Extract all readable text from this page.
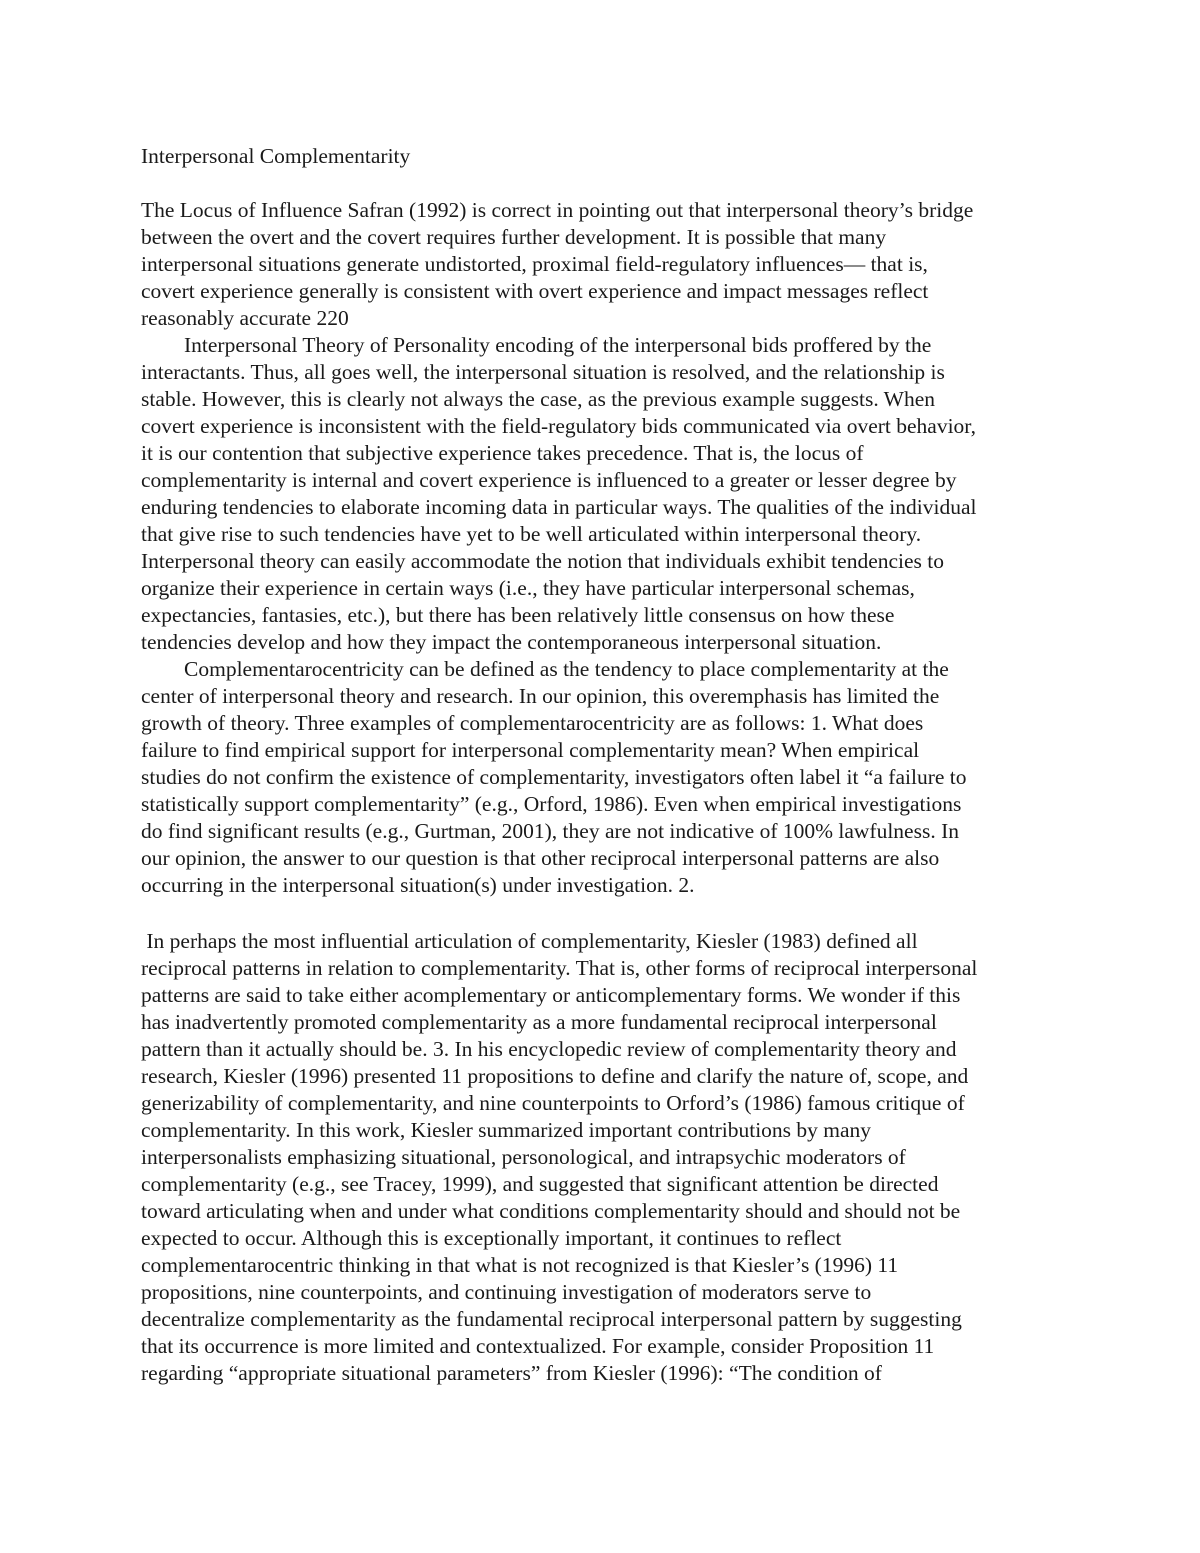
Interpersonal Complementarity
The Locus of Influence Safran (1992) is correct in pointing out that interpersonal theory’s bridge
between the overt and the covert requires further development. It is possible that many
interpersonal situations generate undistorted, proximal field-regulatory influences— that is,
covert experience generally is consistent with overt experience and impact messages reflect
reasonably accurate 220
Interpersonal Theory of Personality encoding of the interpersonal bids proffered by the
interactants. Thus, all goes well, the interpersonal situation is resolved, and the relationship is
stable. However, this is clearly not always the case, as the previous example suggests. When
covert experience is inconsistent with the field-regulatory bids communicated via overt behavior,
it is our contention that subjective experience takes precedence. That is, the locus of
complementarity is internal and covert experience is influenced to a greater or lesser degree by
enduring tendencies to elaborate incoming data in particular ways. The qualities of the individual
that give rise to such tendencies have yet to be well articulated within interpersonal theory.
Interpersonal theory can easily accommodate the notion that individuals exhibit tendencies to
organize their experience in certain ways (i.e., they have particular interpersonal schemas,
expectancies, fantasies, etc.), but there has been relatively little consensus on how these
tendencies develop and how they impact the contemporaneous interpersonal situation.
Complementarocentricity can be defined as the tendency to place complementarity at the
center of interpersonal theory and research. In our opinion, this overemphasis has limited the
growth of theory. Three examples of complementarocentricity are as follows: 1. What does
failure to find empirical support for interpersonal complementarity mean? When empirical
studies do not confirm the existence of complementarity, investigators often label it “a failure to
statistically support complementarity” (e.g., Orford, 1986). Even when empirical investigations
do find significant results (e.g., Gurtman, 2001), they are not indicative of 100% lawfulness. In
our opinion, the answer to our question is that other reciprocal interpersonal patterns are also
occurring in the interpersonal situation(s) under investigation. 2.
In perhaps the most influential articulation of complementarity, Kiesler (1983) defined all
reciprocal patterns in relation to complementarity. That is, other forms of reciprocal interpersonal
patterns are said to take either acomplementary or anticomplementary forms. We wonder if this
has inadvertently promoted complementarity as a more fundamental reciprocal interpersonal
pattern than it actually should be. 3. In his encyclopedic review of complementarity theory and
research, Kiesler (1996) presented 11 propositions to define and clarify the nature of, scope, and
generizability of complementarity, and nine counterpoints to Orford’s (1986) famous critique of
complementarity. In this work, Kiesler summarized important contributions by many
interpersonalists emphasizing situational, personological, and intrapsychic moderators of
complementarity (e.g., see Tracey, 1999), and suggested that significant attention be directed
toward articulating when and under what conditions complementarity should and should not be
expected to occur. Although this is exceptionally important, it continues to reflect
complementarocentric thinking in that what is not recognized is that Kiesler’s (1996) 11
propositions, nine counterpoints, and continuing investigation of moderators serve to
decentralize complementarity as the fundamental reciprocal interpersonal pattern by suggesting
that its occurrence is more limited and contextualized. For example, consider Proposition 11
regarding “appropriate situational parameters” from Kiesler (1996): “The condition of
